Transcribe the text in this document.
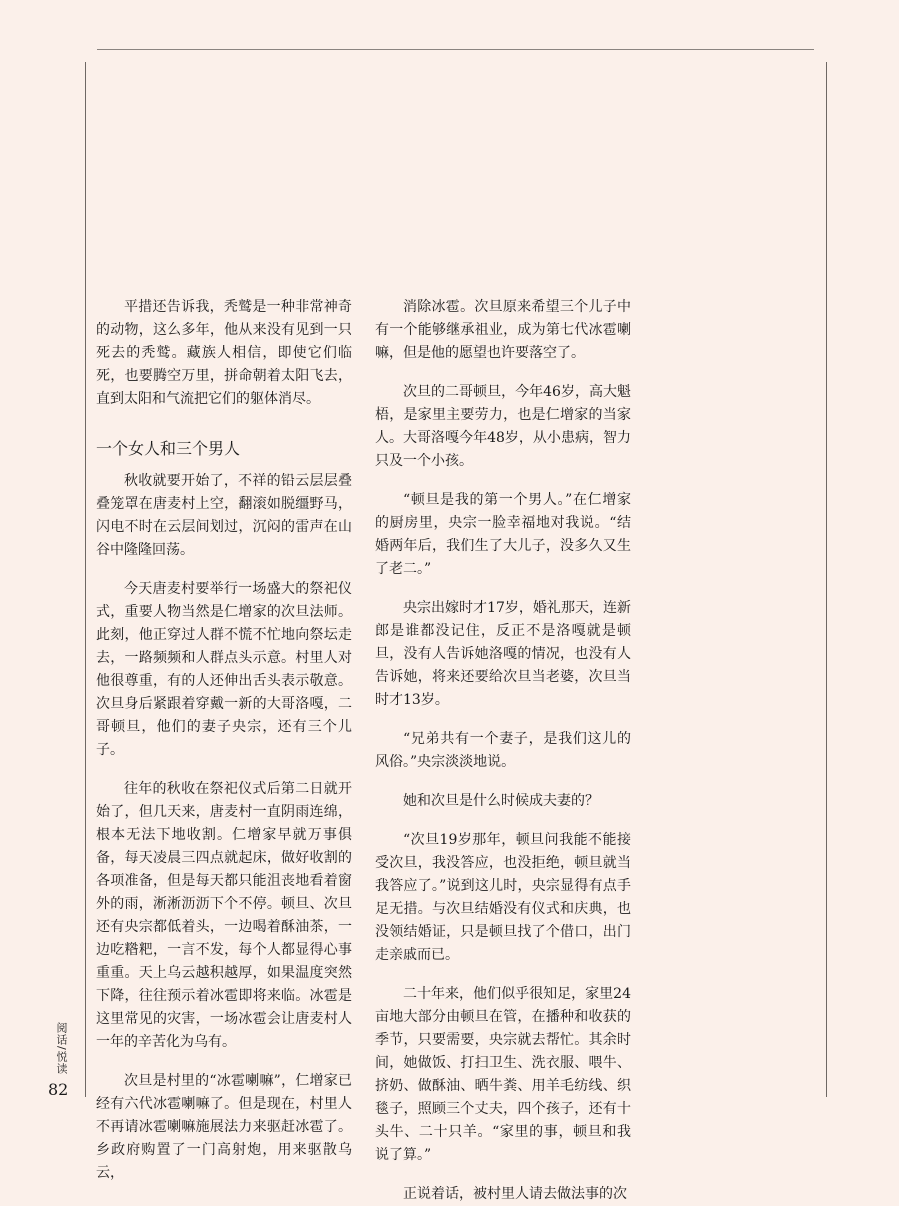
平措还告诉我，秃鹫是一种非常神奇的动物，这么多年，他从来没有见到一只死去的秃鹫。藏族人相信，即使它们临死，也要腾空万里，拼命朝着太阳飞去，直到太阳和气流把它们的躯体消尽。

一个女人和三个男人

秋收就要开始了，不祥的铅云层层叠叠笼罩在唐麦村上空，翻滚如脱缰野马，闪电不时在云层间划过，沉闷的雷声在山谷中隆隆回荡。

今天唐麦村要举行一场盛大的祭祀仪式，重要人物当然是仁增家的次旦法师。此刻，他正穿过人群不慌不忙地向祭坛走去，一路频频和人群点头示意。村里人对他很尊重，有的人还伸出舌头表示敬意。次旦身后紧跟着穿戴一新的大哥洛嘎，二哥顿旦，他们的妻子央宗，还有三个儿子。

往年的秋收在祭祀仪式后第二日就开始了，但几天来，唐麦村一直阴雨连绵，根本无法下地收割。仁增家早就万事俱备，每天凌晨三四点就起床，做好收割的各项准备，但是每天都只能沮丧地看着窗外的雨，淅淅沥沥下个不停。顿旦、次旦还有央宗都低着头，一边喝着酥油茶，一边吃糌粑，一言不发，每个人都显得心事重重。天上乌云越积越厚，如果温度突然下降，往往预示着冰雹即将来临。冰雹是这里常见的灾害，一场冰雹会让唐麦村人一年的辛苦化为乌有。

次旦是村里的“冰雹喇嘛”，仁增家已经有六代冰雹喇嘛了。但是现在，村里人不再请冰雹喇嘛施展法力来驱赶冰雹了。乡政府购置了一门高射炮，用来驱散乌云，

消除冰雹。次旦原来希望三个儿子中有一个能够继承祖业，成为第七代冰雹喇嘛，但是他的愿望也许要落空了。

次旦的二哥顿旦，今年46岁，高大魁梧，是家里主要劳力，也是仁增家的当家人。大哥洛嘎今年48岁，从小患病，智力只及一个小孩。

“顿旦是我的第一个男人。”在仁增家的厨房里，央宗一脸幸福地对我说。“结婚两年后，我们生了大儿子，没多久又生了老二。”

央宗出嫁时才17岁，婚礼那天，连新郎是谁都没记住，反正不是洛嘎就是顿旦，没有人告诉她洛嘎的情况，也没有人告诉她，将来还要给次旦当老婆，次旦当时才13岁。

“兄弟共有一个妻子，是我们这儿的风俗。”央宗淡淡地说。

她和次旦是什么时候成夫妻的？

“次旦19岁那年，顿旦问我能不能接受次旦，我没答应，也没拒绝，顿旦就当我答应了。”说到这儿时，央宗显得有点手足无措。与次旦结婚没有仪式和庆典，也没领结婚证，只是顿旦找了个借口，出门走亲戚而已。

二十年来，他们似乎很知足，家里24亩地大部分由顿旦在管，在播种和收获的季节，只要需要，央宗就去帮忙。其余时间，她做饭、打扫卫生、洗衣服、喂牛、挤奶、做酥油、晒牛粪、用羊毛纺线、织毯子，照顾三个丈夫，四个孩子，还有十头牛、二十只羊。“家里的事，顿旦和我说了算。”

正说着话，被村里人请去做法事的次

阅话/悦读
82
